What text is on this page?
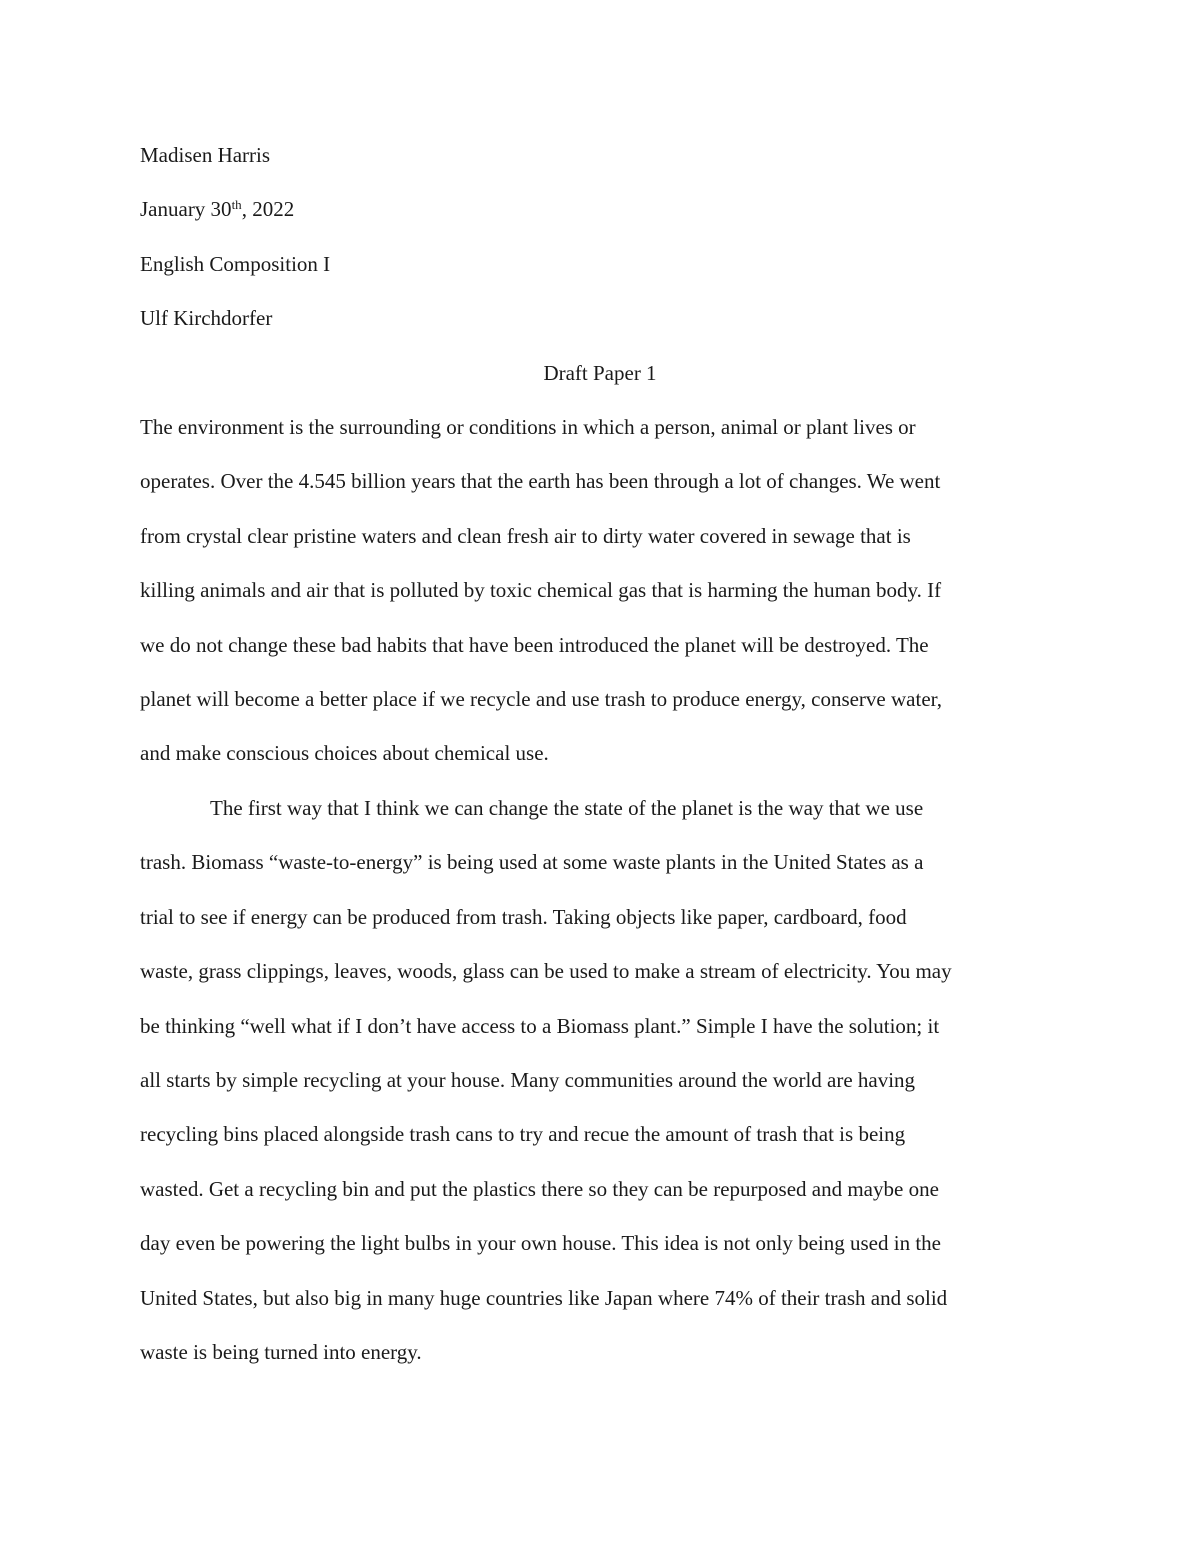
Madisen Harris

January 30th, 2022

English Composition I

Ulf Kirchdorfer

Draft Paper 1

The environment is the surrounding or conditions in which a person, animal or plant lives or

operates. Over the 4.545 billion years that the earth has been through a lot of changes. We went

from crystal clear pristine waters and clean fresh air to dirty water covered in sewage that is

killing animals and air that is polluted by toxic chemical gas that is harming the human body. If

we do not change these bad habits that have been introduced the planet will be destroyed. The

planet will become a better place if we recycle and use trash to produce energy, conserve water,

and make conscious choices about chemical use.

The first way that I think we can change the state of the planet is the way that we use

trash. Biomass “waste-to-energy” is being used at some waste plants in the United States as a

trial to see if energy can be produced from trash. Taking objects like paper, cardboard, food

waste, grass clippings, leaves, woods, glass can be used to make a stream of electricity. You may

be thinking “well what if I don’t have access to a Biomass plant.” Simple I have the solution; it

all starts by simple recycling at your house. Many communities around the world are having

recycling bins placed alongside trash cans to try and recue the amount of trash that is being

wasted. Get a recycling bin and put the plastics there so they can be repurposed and maybe one

day even be powering the light bulbs in your own house. This idea is not only being used in the

United States, but also big in many huge countries like Japan where 74% of their trash and solid

waste is being turned into energy.
